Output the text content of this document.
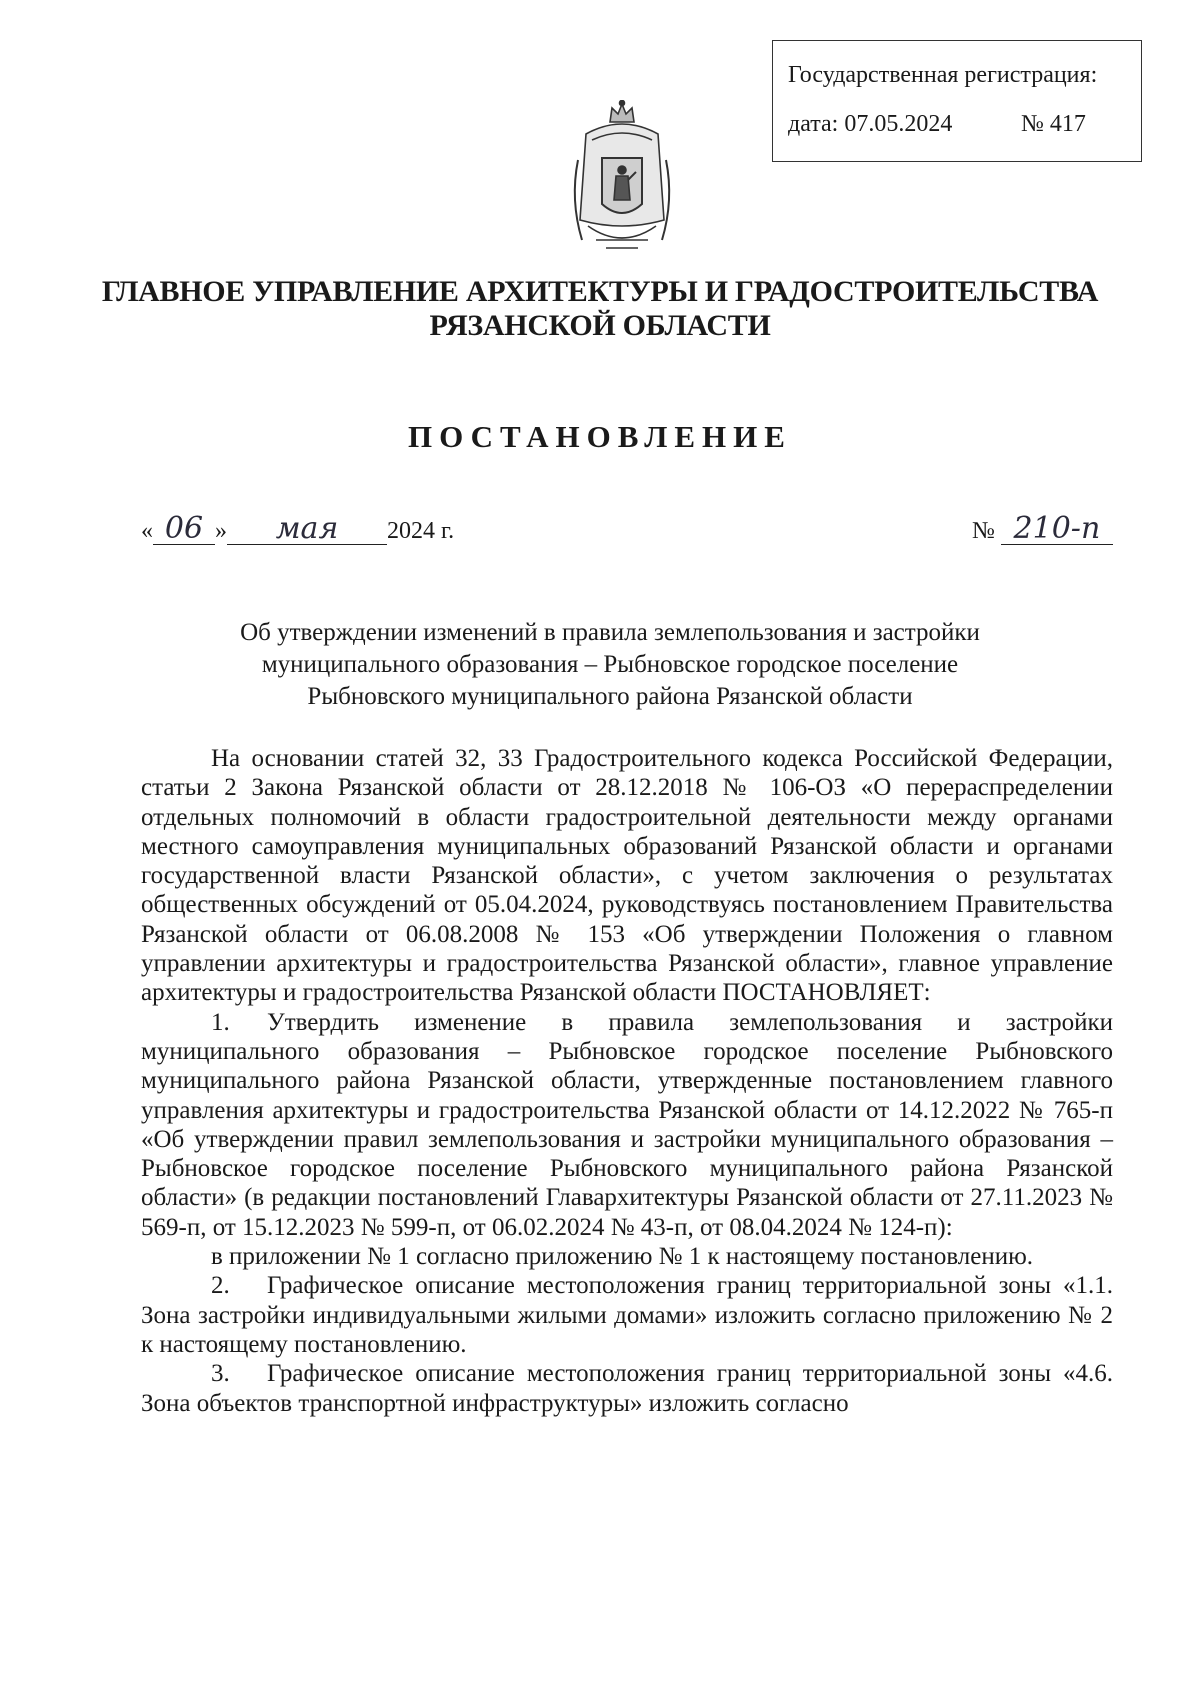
Государственная регистрация:
дата: 07.05.2024	№ 417
ГЛАВНОЕ УПРАВЛЕНИЕ АРХИТЕКТУРЫ И ГРАДОСТРОИТЕЛЬСТВА
РЯЗАНСКОЙ ОБЛАСТИ
ПОСТАНОВЛЕНИЕ
« 06 » мая 2024 г.	№ 210-п
Об утверждении изменений в правила землепользования и застройки
муниципального образования – Рыбновское городское поселение
Рыбновского муниципального района Рязанской области

На основании статей 32, 33 Градостроительного кодекса Российской Федерации, статьи 2 Закона Рязанской области от 28.12.2018 № 106-ОЗ «О перераспределении отдельных полномочий в области градостроительной деятельности между органами местного самоуправления муниципальных образований Рязанской области и органами государственной власти Рязанской области», с учетом заключения о результатах общественных обсуждений от 05.04.2024, руководствуясь постановлением Правительства Рязанской области от 06.08.2008 № 153 «Об утверждении Положения о главном управлении архитектуры и градостроительства Рязанской области», главное управление архитектуры и градостроительства Рязанской области ПОСТАНОВЛЯЕТ:

1. Утвердить изменение в правила землепользования и застройки муниципального образования – Рыбновское городское поселение Рыбновского муниципального района Рязанской области, утвержденные постановлением главного управления архитектуры и градостроительства Рязанской области от 14.12.2022 № 765-п «Об утверждении правил землепользования и застройки муниципального образования – Рыбновское городское поселение Рыбновского муниципального района Рязанской области» (в редакции постановлений Главархитектуры Рязанской области от 27.11.2023 № 569-п, от 15.12.2023 № 599-п, от 06.02.2024 № 43-п, от 08.04.2024 № 124-п):

в приложении № 1 согласно приложению № 1 к настоящему постановлению.

2. Графическое описание местоположения границ территориальной зоны «1.1. Зона застройки индивидуальными жилыми домами» изложить согласно приложению № 2 к настоящему постановлению.

3. Графическое описание местоположения границ территориальной зоны «4.6. Зона объектов транспортной инфраструктуры» изложить согласно
